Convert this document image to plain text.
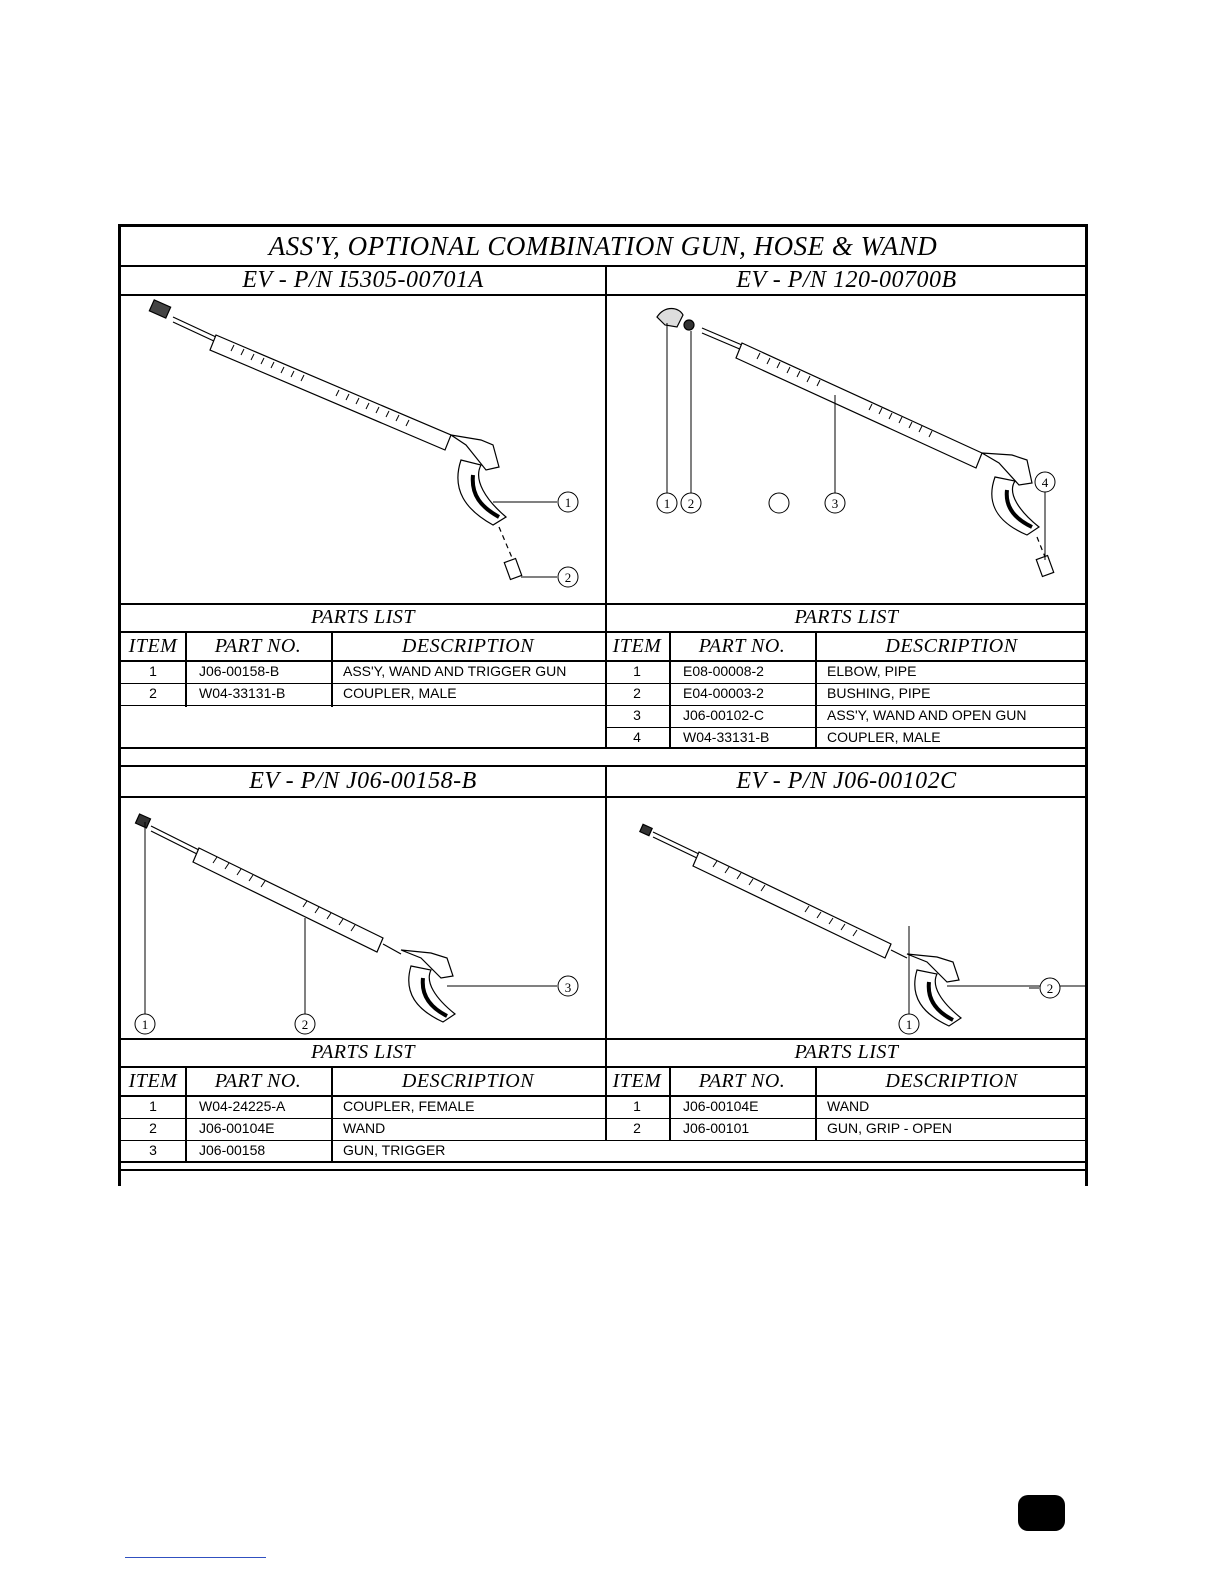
ASS'Y, OPTIONAL COMBINATION GUN, HOSE & WAND
EV - P/N I5305-00701A	EV - P/N 120-00700B
1
2
1 2	3
4
PARTS LIST	PARTS LIST
ITEM	PART NO.	DESCRIPTION	ITEM	PART NO.	DESCRIPTION
1	J06-00158-B	ASS'Y, WAND AND TRIGGER GUN
2	W04-33131-B	COUPLER, MALE
1	E08-00008-2	ELBOW, PIPE
2	E04-00003-2	BUSHING, PIPE
3	J06-00102-C	ASS'Y, WAND AND OPEN GUN
4	W04-33131-B	COUPLER, MALE
EV - P/N J06-00158-B	EV - P/N J06-00102C
1	2
3
1
2
PARTS LIST	PARTS LIST
ITEM	PART NO.	DESCRIPTION	ITEM	PART NO.	DESCRIPTION
1	W04-24225-A	COUPLER, FEMALE
2	J06-00104E	WAND
3	J06-00158	GUN, TRIGGER
1	J06-00104E	WAND
2	J06-00101	GUN, GRIP - OPEN
